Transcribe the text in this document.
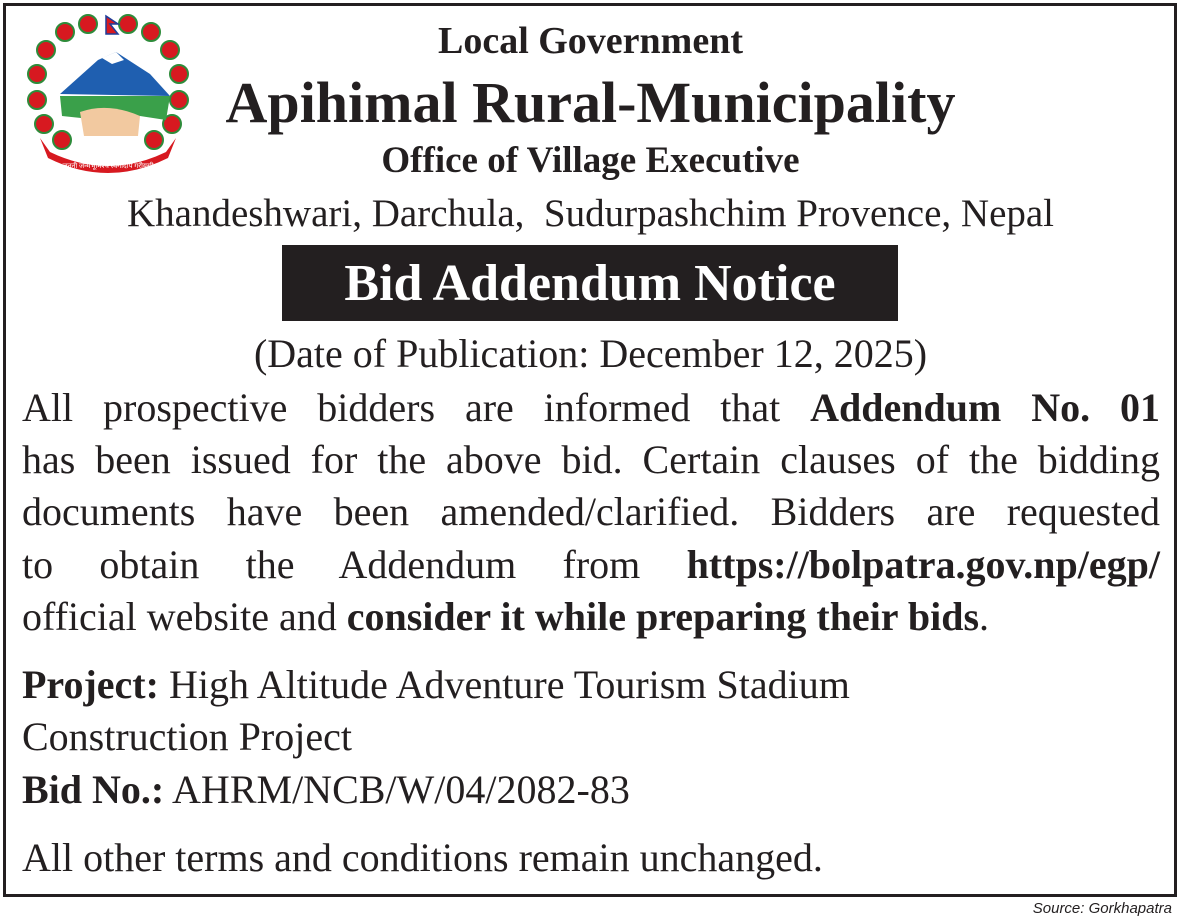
जननी जन्मभूमिश्च स्वर्गादपि गरीयसी
Local Government
Apihimal Rural-Municipality
Office of Village Executive
Khandeshwari, Darchula,  Sudurpashchim Provence, Nepal
Bid Addendum Notice
(Date of Publication: December 12, 2025)
All prospective bidders are informed that Addendum No. 01
has been issued for the above bid. Certain clauses of the bidding
documents have been amended/clarified. Bidders are requested
to obtain the Addendum from https://bolpatra.gov.np/egp/
official website and consider it while preparing their bids.
Project: High Altitude Adventure Tourism Stadium
Construction Project
Bid No.: AHRM/NCB/W/04/2082-83
All other terms and conditions remain unchanged.
Source: Gorkhapatra
